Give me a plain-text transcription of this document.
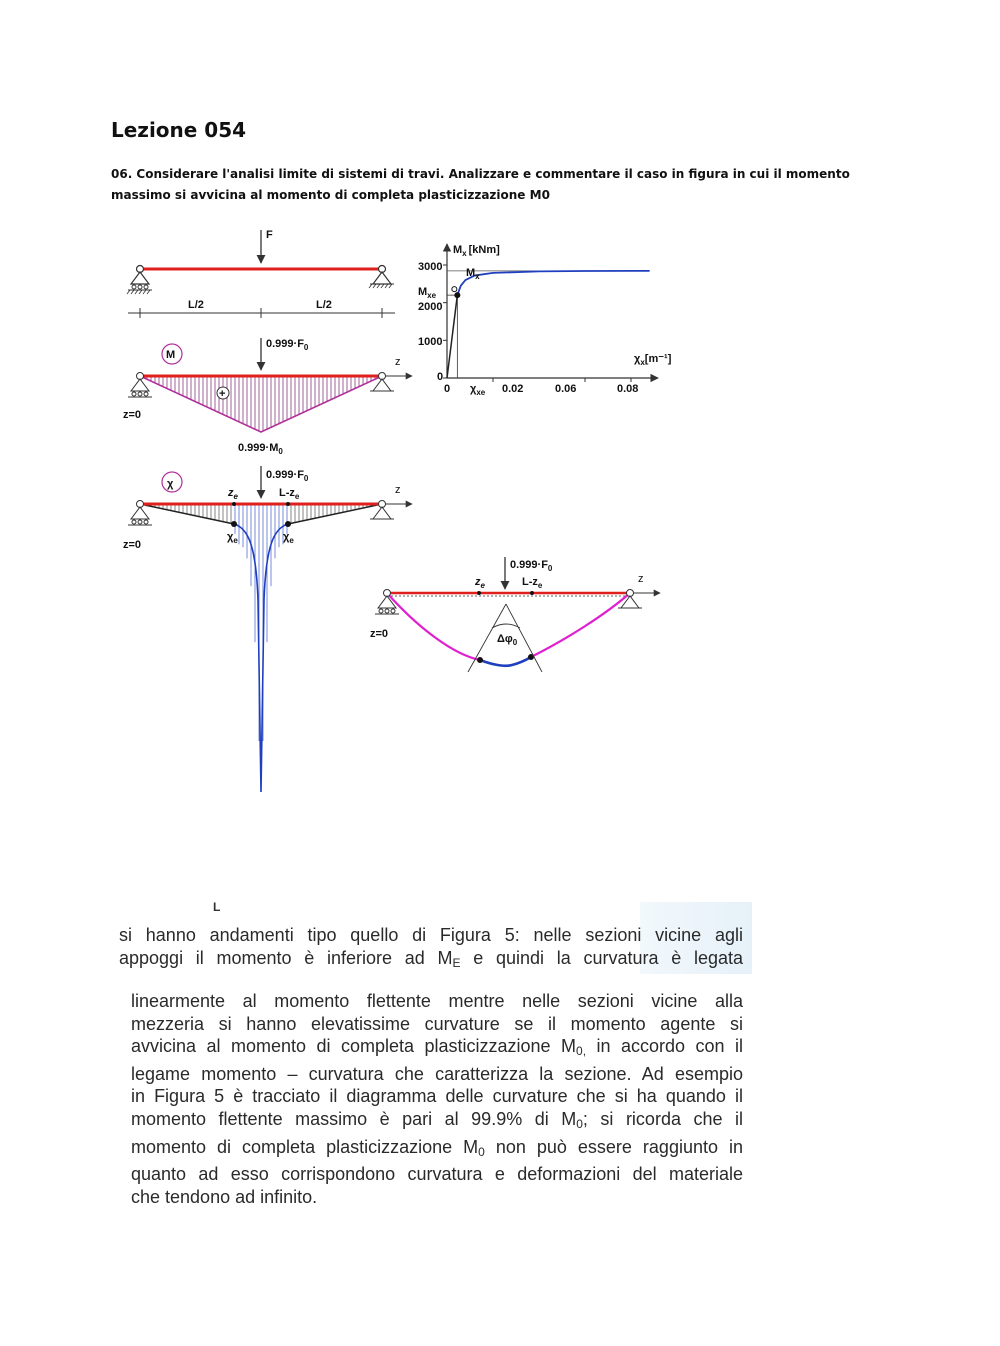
Lezione 054
06. Considerare l'analisi limite di sistemi di travi. Analizzare e commentare il caso in figura in cui il momento massimo si avvicina al momento di completa plasticizzazione M0
F
L/2	L/2
M
$0.999\cdot F_0$
z
+
z=0
$0.999\cdot M_0$
χ
$0.999\cdot F_0$
$z_e$	$L-z_e$
z
$\chi_e$	$\chi_e$
z=0
$0.999\cdot F_0$
$z_e$	$L-z_e$
z
$\Delta\varphi_0$
z=0
$M_x$ [kNm]
$M_x$
$M_{xe}$
$\chi_x[m^{-1}]$
$\chi_{xe}$
3000
2000
1000
0
0	0.02	0.06	0.08
L
si hanno andamenti tipo quello di Figura 5: nelle sezioni vicine agli
appoggi il momento è inferiore ad $M_E$ e quindi la curvatura è legata
linearmente al momento flettente mentre nelle sezioni vicine alla
mezzeria si hanno elevatissime curvature se il momento agente si
avvicina al momento di completa plasticizzazione $M_{0,}$ in accordo con il
legame momento – curvatura che caratterizza la sezione. Ad esempio
in Figura 5 è tracciato il diagramma delle curvature che si ha quando il
momento flettente massimo è pari al 99.9% di $M_0$; si ricorda che il
momento di completa plasticizzazione $M_0$ non può essere raggiunto in
quanto ad esso corrispondono curvatura e deformazioni del materiale
che tendono ad infinito.
